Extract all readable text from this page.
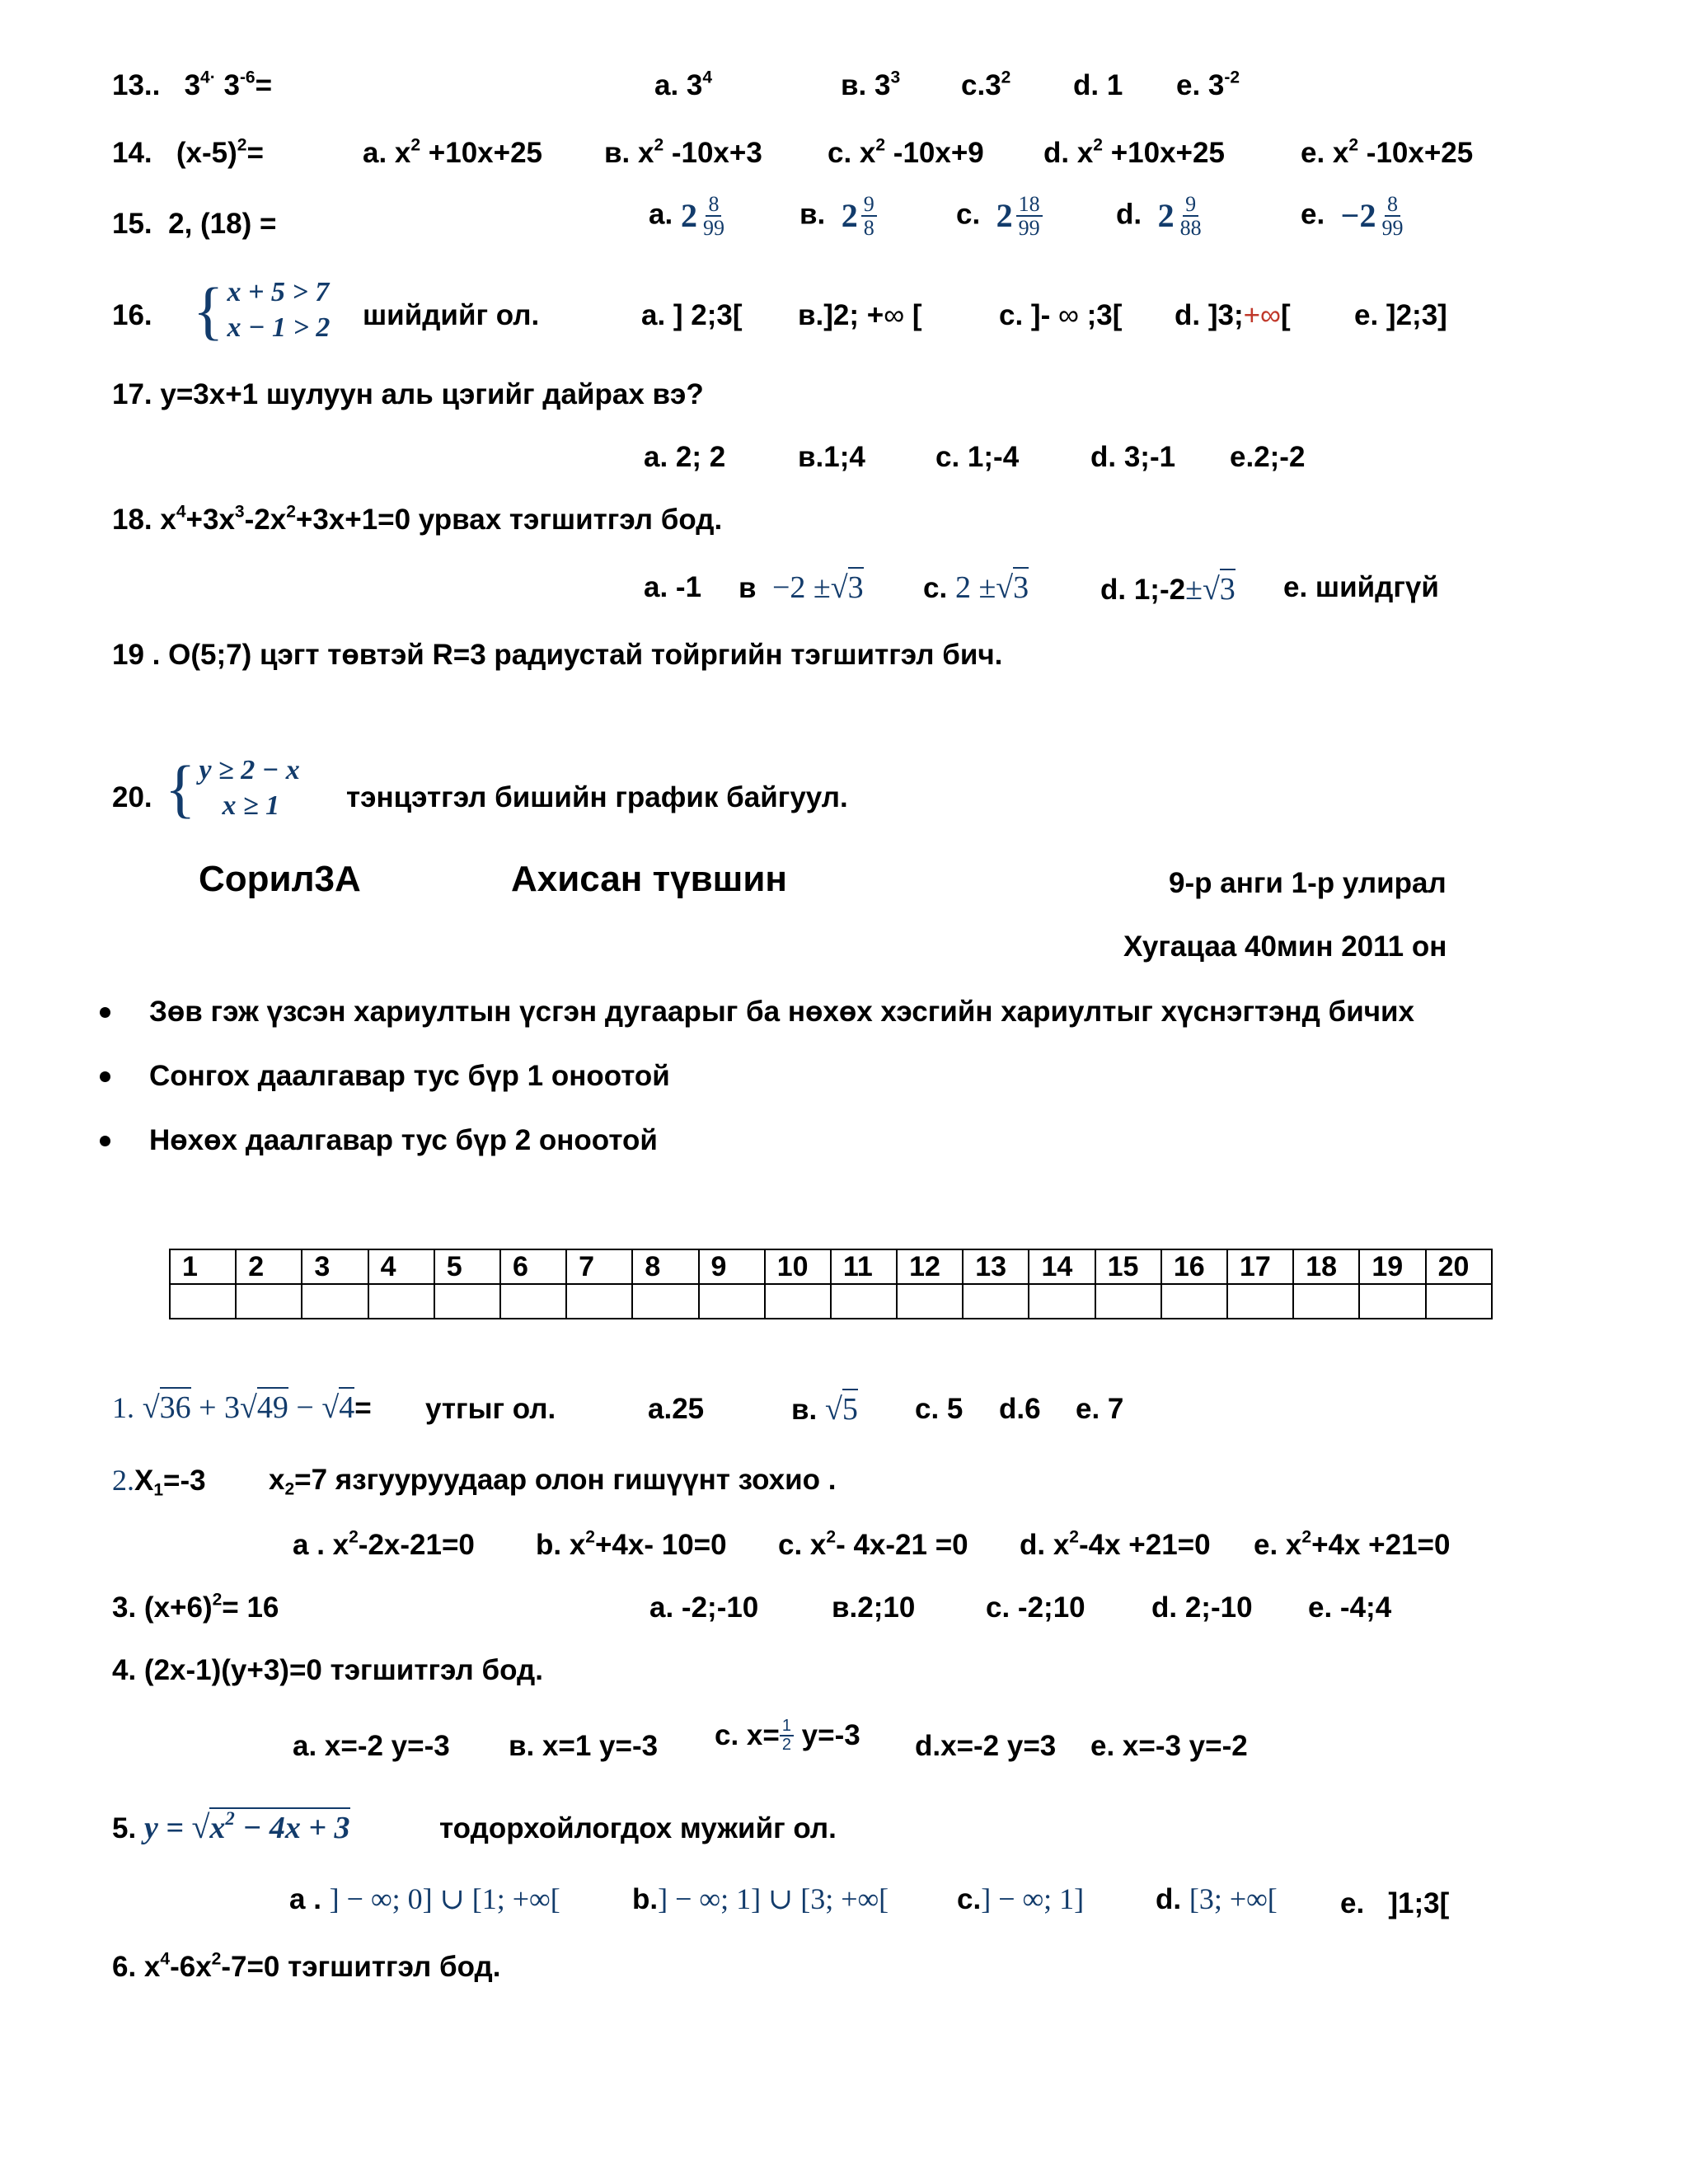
13.. $3^{4\cdot}$ $3^{-6}=$	а. $3^4$	в. $3^3$ $с.3^2$ d. 1 е. $3^{-2}$
14. $(x-5)^2=$	а. $x^2 +10x+25$ в. $x^2$ -10x+3 с. $x^2$ -10x+9 d. $x^2 +10x+25$	е. $x^2$ -10x+25
15. 2, (18) =	а. $2 \frac{8}{99}$	в. $2 \frac{9}{8}$	с. $2 \frac{18}{99}$	d. $2 \frac{9}{88}$	е. $-2 \frac{8}{99}$
16. { x + 5 > 7
x − 1 > 2 шийдийг ол.	а. ] 2;3[ в.]2; +∞ [	с. ]- ∞ ;3[ d. ]3;+∞[ е. ]2;3]
17. y=3x+1 шулуун аль цэгийг дайрах вэ?
а. 2; 2	в.1;4 с. 1;-4 d. 3;-1 е.2;-2
18. $x^4+3x^3-2x^2+3x+1=0$ урвах тэгшитгэл бод.
а. -1 в −2 ±√3 с. 2 ±√3 d. 1;-2±√3 е. шийдгүй
19 . O(5;7) цэгт төвтэй R=3 радиустай тойргийн тэгшитгэл бич.
20. { y ≥ 2 − x
x ≥ 1	тэнцэтгэл бишийн график байгуул.
Сорил3А	Ахисан түвшин	9-р анги 1-р улирал
Хугацаа 40мин 2011 он
Зөв гэж үзсэн хариултын үсгэн дугаарыг ба нөхөх хэсгийн хариултыг хүснэгтэнд бичих
Сонгох даалгавар тус бүр 1 оноотой
Нөхөх даалгавар тус бүр 2 оноотой
1	2	3	4	5	6	7	8	9	10	11	12	13	14	15	16	17	18	19	20

1. √36 + 3√49 − √4= утгыг ол.	а.25	в. √5 с. 5 d.6 е. 7
$2.X_1=-3$ $x_2=7$ язгууруудаар олон гишүүнт зохио .
а . $x^2-2x-21=0$ b. $x^2+4x-$ 10=0 с. $x^2-$ 4x-21 =0 d. $x^2-4x +21=0$ е. $x^2+4x +21=0$
3. $(x+6)^2= 16$	а. -2;-10	в.2;10 с. -2;10 d. 2;-10 е. -4;4
4. (2x-1)(y+3)=0 тэгшитгэл бод.
а. x=-2 y=-3 в. x=1 y=-3 с. $x= \frac{1}{2} y=-3$ d.x=-2 y=3 е. x=-3 y=-2
5. $y = √x^2 - 4x + 3$	тодорхойлогдох мужийг ол.
а . ] − ∞; 0] ∪ [1; +∞[ b.] − ∞; 1] ∪ [3; +∞[ с.] − ∞; 1] d. [3; +∞[ е. ]1;3[
6. $x^4-6x^2-7=0$ тэгшитгэл бод.
